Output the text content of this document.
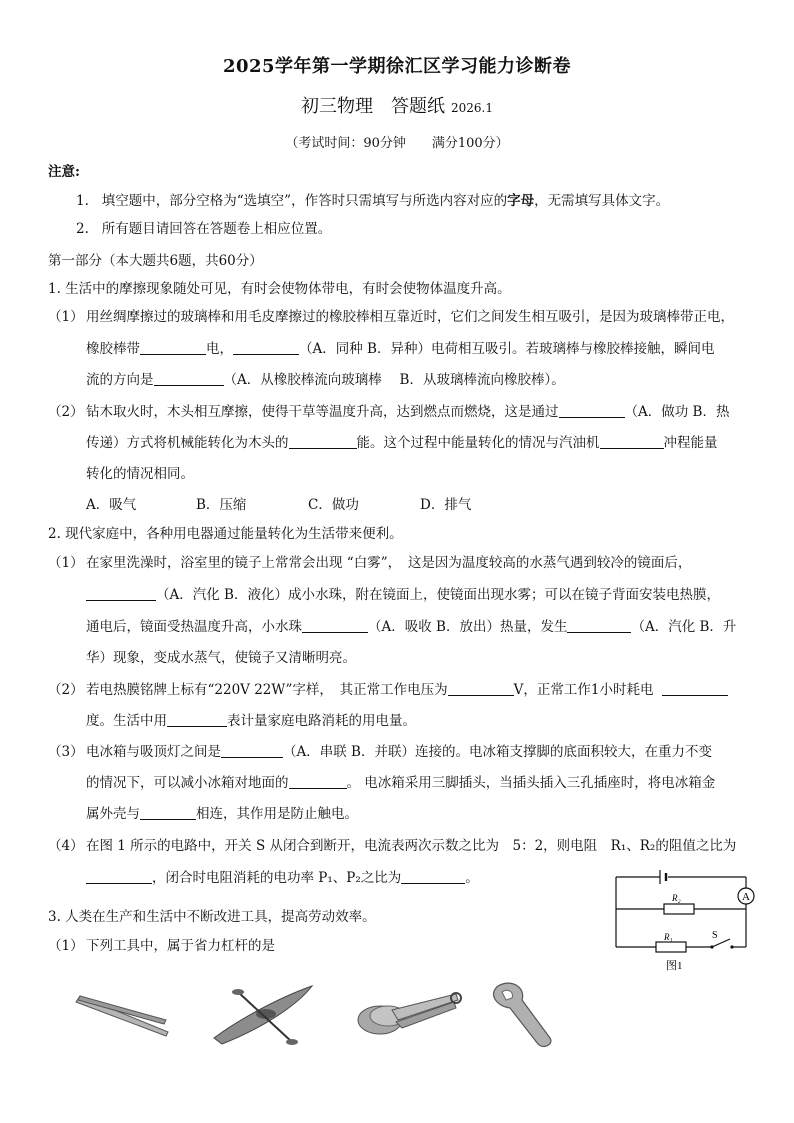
2025学年第一学期徐汇区学习能力诊断卷
初三物理　答题纸 2026.1
（考试时间：90分钟　　满分100分）
注意:
1. 填空题中，部分空格为“选填空”，作答时只需填写与所选内容对应的字母，无需填写具体文字。
2. 所有题目请回答在答题卷上相应位置。
第一部分（本大题共6题，共60分）
1. 生活中的摩擦现象随处可见，有时会使物体带电，有时会使物体温度升高。
（1） 用丝绸摩擦过的玻璃棒和用毛皮摩擦过的橡胶棒相互靠近时，它们之间发生相互吸引，是因为玻璃棒带正电，
橡胶棒带	电，	（A．同种 B．异种）电荷相互吸引。若玻璃棒与橡胶棒接触，瞬间电
流的方向是	（A．从橡胶棒流向玻璃棒　 B．从玻璃棒流向橡胶棒）。
（2） 钻木取火时，木头相互摩擦，使得干草等温度升高，达到燃点而燃烧，这是通过	（A．做功 B．热
传递）方式将机械能转化为木头的	能。这个过程中能量转化的情况与汽油机	冲程能量
转化的情况相同。
A．吸气	B．压缩	C．做功	D．排气
2. 现代家庭中，各种用电器通过能量转化为生活带来便利。
（1） 在家里洗澡时，浴室里的镜子上常常会出现 “白雾”，　这是因为温度较高的水蒸气遇到较冷的镜面后，
（A．汽化 B．液化）成小水珠，附在镜面上，使镜面出现水雾；可以在镜子背面安装电热膜，
通电后，镜面受热温度升高，小水珠	（A．吸收 B．放出）热量，发生	（A．汽化 B．升
华）现象，变成水蒸气，使镜子又清晰明亮。
（2） 若电热膜铭牌上标有“220V 22W”字样，　其正常工作电压为	V，正常工作1小时耗电
度。生活中用	表计量家庭电路消耗的用电量。
（3） 电冰箱与吸顶灯之间是	（A．串联 B．并联）连接的。电冰箱支撑脚的底面积较大，在重力不变
的情况下，可以减小冰箱对地面的	。 电冰箱采用三脚插头，当插头插入三孔插座时，将电冰箱金
属外壳与	相连，其作用是防止触电。
（4） 在图 1 所示的电路中，开关 S 从闭合到断开，电流表两次示数之比为　5：2，则电阻　R₁、R₂的阻值之比为
，闭合时电阻消耗的电功率 P₁、P₂之比为	。
A
R₂
R₁	S
图1
3. 人类在生产和生活中不断改进工具，提高劳动效率。
（1） 下列工具中，属于省力杠杆的是
